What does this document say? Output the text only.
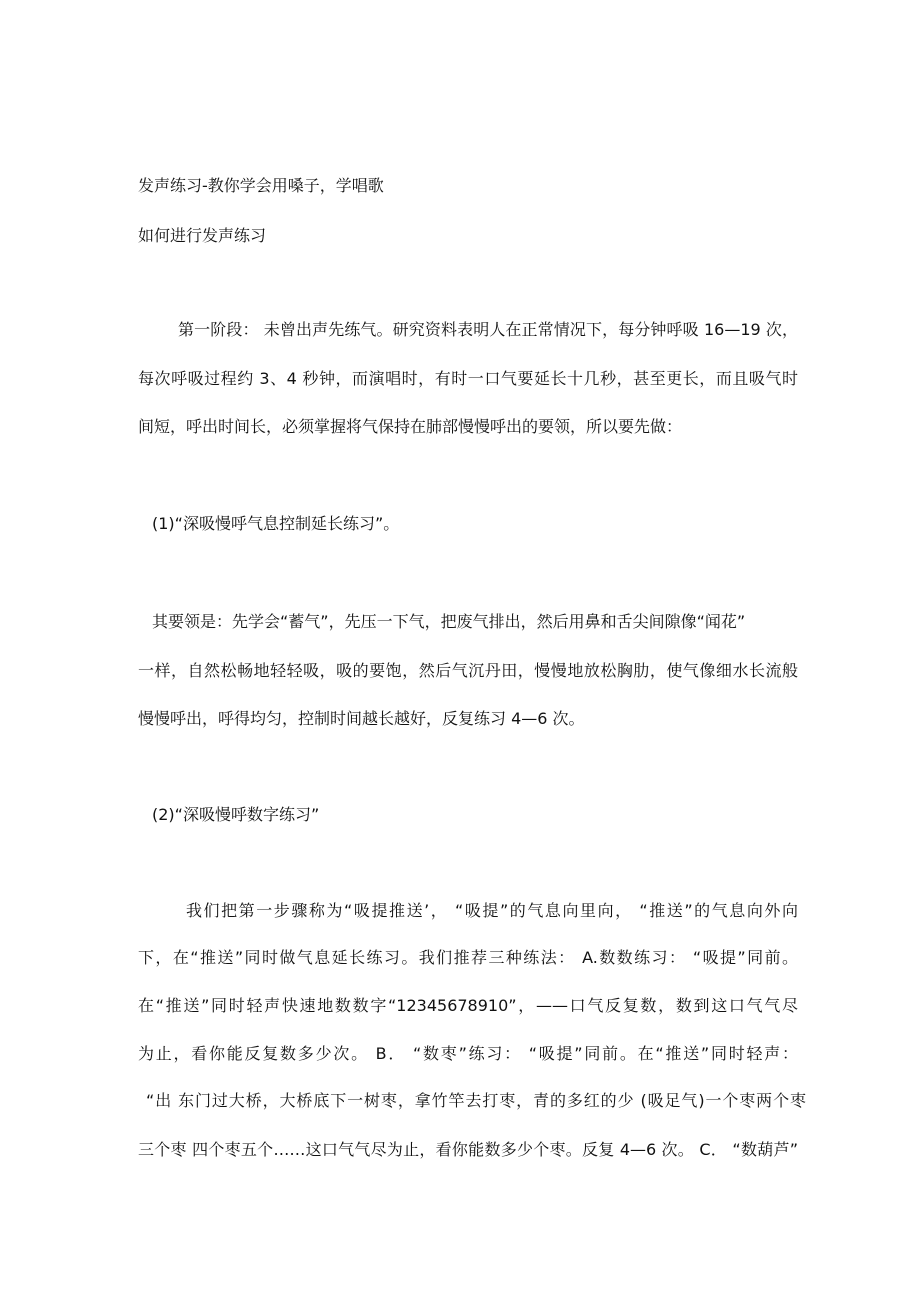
发声练习-教你学会用嗓子，学唱歌
如何进行发声练习
第一阶段： 未曾出声先练气。研究资料表明人在正常情况下，每分钟呼吸 16—19 次，
每次呼吸过程约 3、4 秒钟，而演唱时，有时一口气要延长十几秒，甚至更长，而且吸气时
间短，呼出时间长，必须掌握将气保持在肺部慢慢呼出的要领，所以要先做：
(1)“深吸慢呼气息控制延长练习”。
其要领是：先学会“蓄气”，先压一下气，把废气排出，然后用鼻和舌尖间隙像“闻花”
一样，自然松畅地轻轻吸，吸的要饱，然后气沉丹田，慢慢地放松胸肋，使气像细水长流般
慢慢呼出，呼得均匀，控制时间越长越好，反复练习 4—6 次。
(2)“深吸慢呼数字练习”
我们把第一步骤称为“吸提推送’， “吸提”的气息向里向， “推送”的气息向外向
下，在“推送”同时做气息延长练习。我们推荐三种练法： A.数数练习： “吸提”同前。
在“推送”同时轻声快速地数数字“12345678910”，——口气反复数，数到这口气气尽
为止，看你能反复数多少次。 B． “数枣”练习： “吸提”同前。在“推送”同时轻声：
“出 东门过大桥，大桥底下一树枣，拿竹竿去打枣，青的多红的少 (吸足气)一个枣两个枣
三个枣 四个枣五个……这口气气尽为止，看你能数多少个枣。反复 4—6 次。 C． “数葫芦”
